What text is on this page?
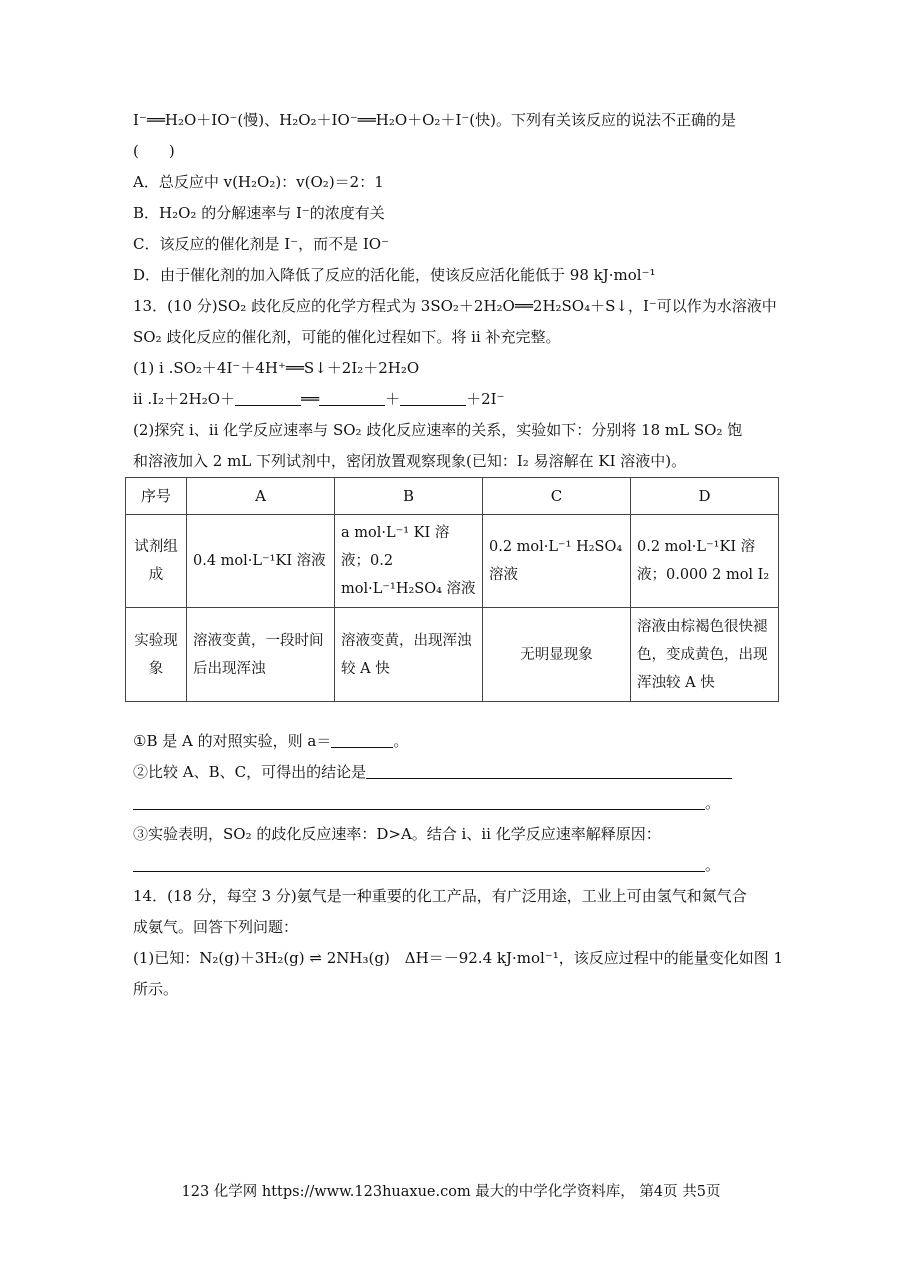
I⁻══H₂O＋IO⁻(慢)、H₂O₂＋IO⁻══H₂O＋O₂＋I⁻(快)。下列有关该反应的说法不正确的是
(　　)
A．总反应中 v(H₂O₂)：v(O₂)＝2：1
B．H₂O₂ 的分解速率与 I⁻的浓度有关
C．该反应的催化剂是 I⁻，而不是 IO⁻
D．由于催化剂的加入降低了反应的活化能，使该反应活化能低于 98 kJ·mol⁻¹
13．(10 分)SO₂ 歧化反应的化学方程式为 3SO₂＋2H₂O══2H₂SO₄＋S↓，I⁻可以作为水溶液中
SO₂ 歧化反应的催化剂，可能的催化过程如下。将 ⅱ 补充完整。
(1) ⅰ .SO₂＋4I⁻＋4H⁺══S↓＋2I₂＋2H₂O
ⅱ .I₂＋2H₂O＋	══	＋	＋2I⁻
(2)探究 ⅰ、ⅱ 化学反应速率与 SO₂ 歧化反应速率的关系，实验如下：分别将 18 mL SO₂ 饱
和溶液加入 2 mL 下列试剂中，密闭放置观察现象(已知：I₂ 易溶解在 KI 溶液中)。
序号	A	B	C	D
试剂组成	0.4 mol·L⁻¹KI 溶液	a mol·L⁻¹ KI 溶液；0.2 mol·L⁻¹H₂SO₄ 溶液	0.2 mol·L⁻¹ H₂SO₄ 溶液	0.2 mol·L⁻¹KI 溶液；0.000 2 mol I₂
实验现象	溶液变黄，一段时间后出现浑浊	溶液变黄，出现浑浊较 A 快	无明显现象	溶液由棕褐色很快褪色，变成黄色，出现浑浊较 A 快
①B 是 A 的对照实验，则 a＝	。
②比较 A、B、C，可得出的结论是
。
③实验表明，SO₂ 的歧化反应速率：D>A。结合 ⅰ、ⅱ 化学反应速率解释原因：
。
14．(18 分，每空 3 分)氨气是一种重要的化工产品，有广泛用途，工业上可由氢气和氮气合
成氨气。回答下列问题：
(1)已知：N₂(g)＋3H₂(g) ⇌ 2NH₃(g)　ΔH＝－92.4 kJ·mol⁻¹，该反应过程中的能量变化如图 1
所示。
123 化学网 https://www.123huaxue.com 最大的中学化学资料库， 第4页 共5页
